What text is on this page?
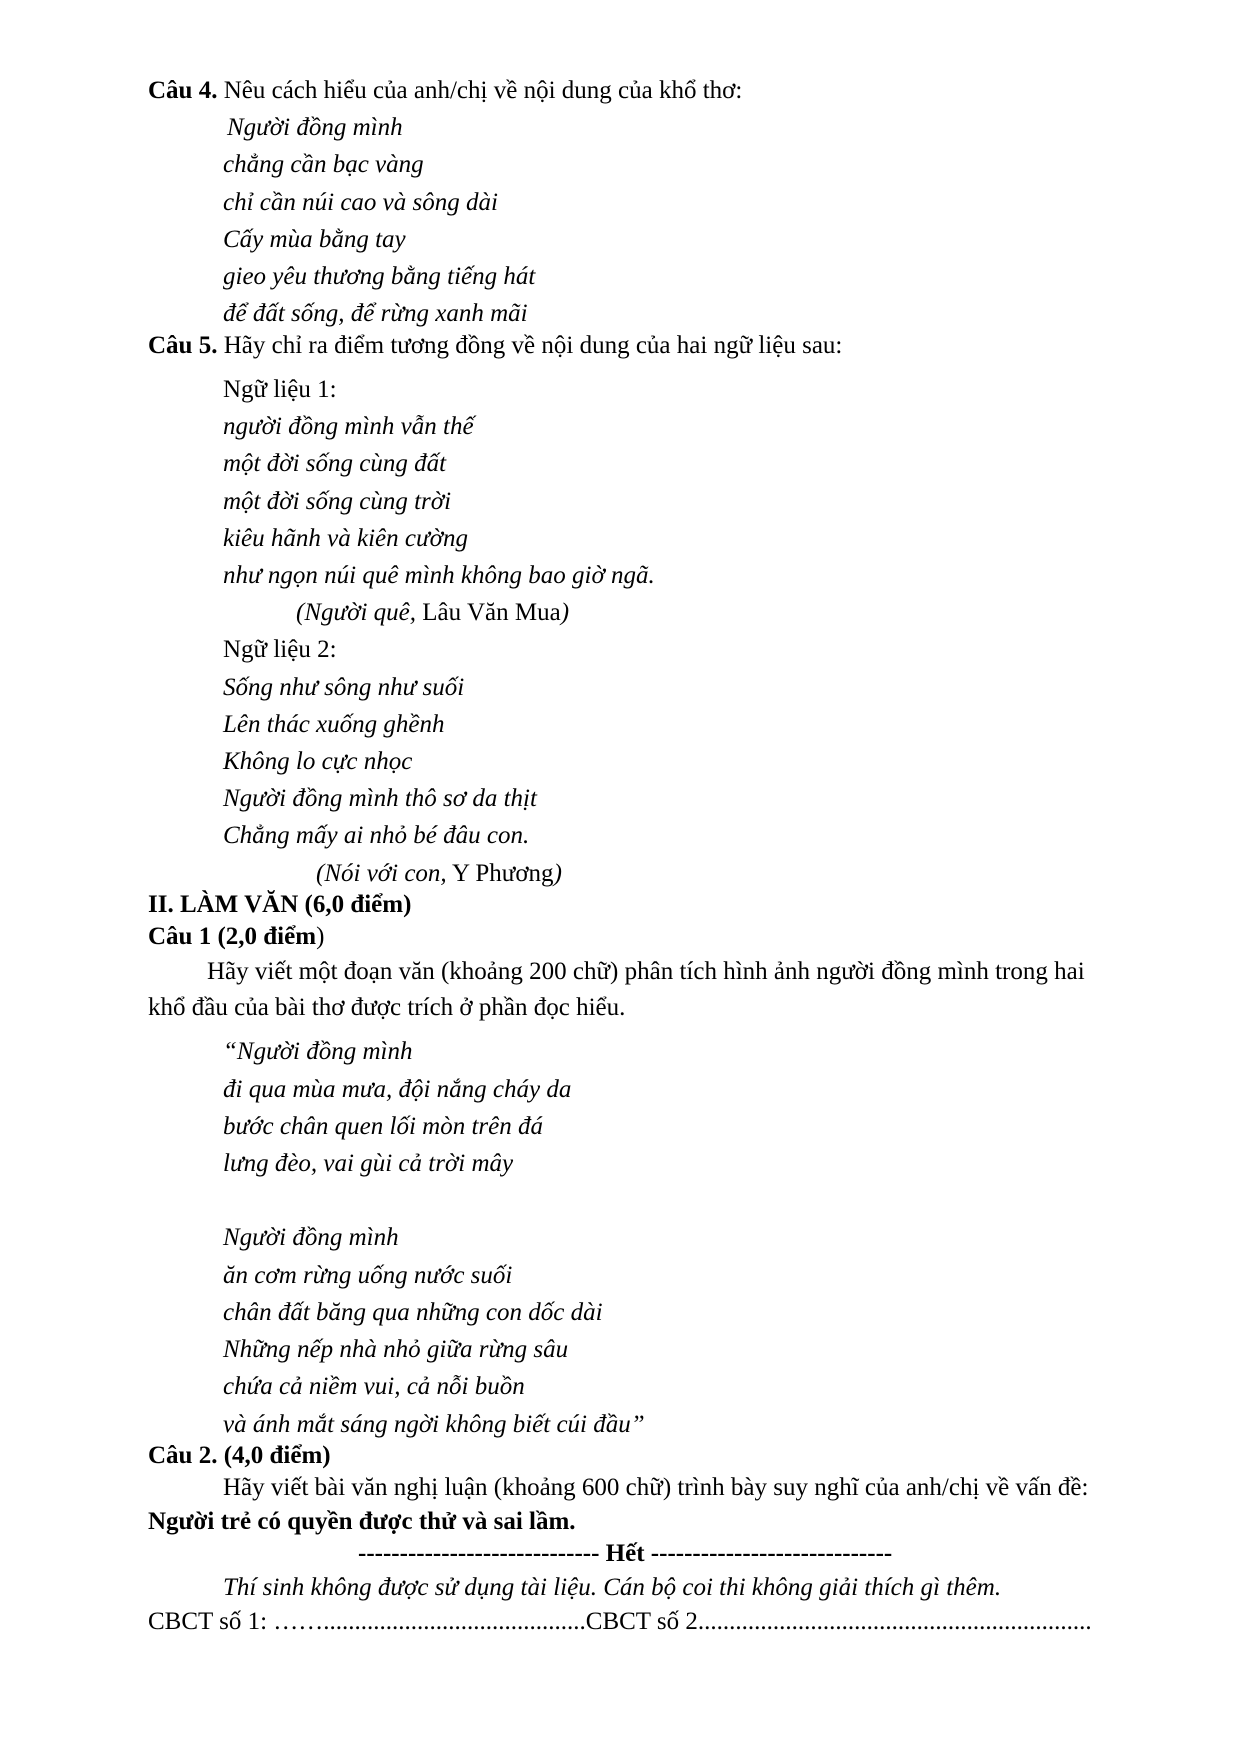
Câu 4. Nêu cách hiểu của anh/chị về nội dung của khổ thơ:
Người đồng mình
chẳng cần bạc vàng
chỉ cần núi cao và sông dài
Cấy mùa bằng tay
gieo yêu thương bằng tiếng hát
để đất sống, để rừng xanh mãi
Câu 5. Hãy chỉ ra điểm tương đồng về nội dung của hai ngữ liệu sau:
Ngữ liệu 1:
người đồng mình vẫn thế
một đời sống cùng đất
một đời sống cùng trời
kiêu hãnh và kiên cường
như ngọn núi quê mình không bao giờ ngã.
(Người quê, Lâu Văn Mua)
Ngữ liệu 2:
Sống như sông như suối
Lên thác xuống ghềnh
Không lo cực nhọc
Người đồng mình thô sơ da thịt
Chẳng mấy ai nhỏ bé đâu con.
(Nói với con, Y Phương)
II. LÀM VĂN (6,0 điểm)
Câu 1 (2,0 điểm)
Hãy viết một đoạn văn (khoảng 200 chữ) phân tích hình ảnh người đồng mình trong hai
khổ đầu của bài thơ được trích ở phần đọc hiểu.
“Người đồng mình
đi qua mùa mưa, đội nắng cháy da
bước chân quen lối mòn trên đá
lưng đèo, vai gùi cả trời mây
Người đồng mình
ăn cơm rừng uống nước suối
chân đất băng qua những con dốc dài
Những nếp nhà nhỏ giữa rừng sâu
chứa cả niềm vui, cả nỗi buồn
và ánh mắt sáng ngời không biết cúi đầu”
Câu 2. (4,0 điểm)
Hãy viết bài văn nghị luận (khoảng 600 chữ) trình bày suy nghĩ của anh/chị về vấn đề:
Người trẻ có quyền được thử và sai lầm.
----------------------------- Hết -----------------------------
Thí sinh không được sử dụng tài liệu. Cán bộ coi thi không giải thích gì thêm.
CBCT số 1: ……..........................................CBCT số 2...............................................................
